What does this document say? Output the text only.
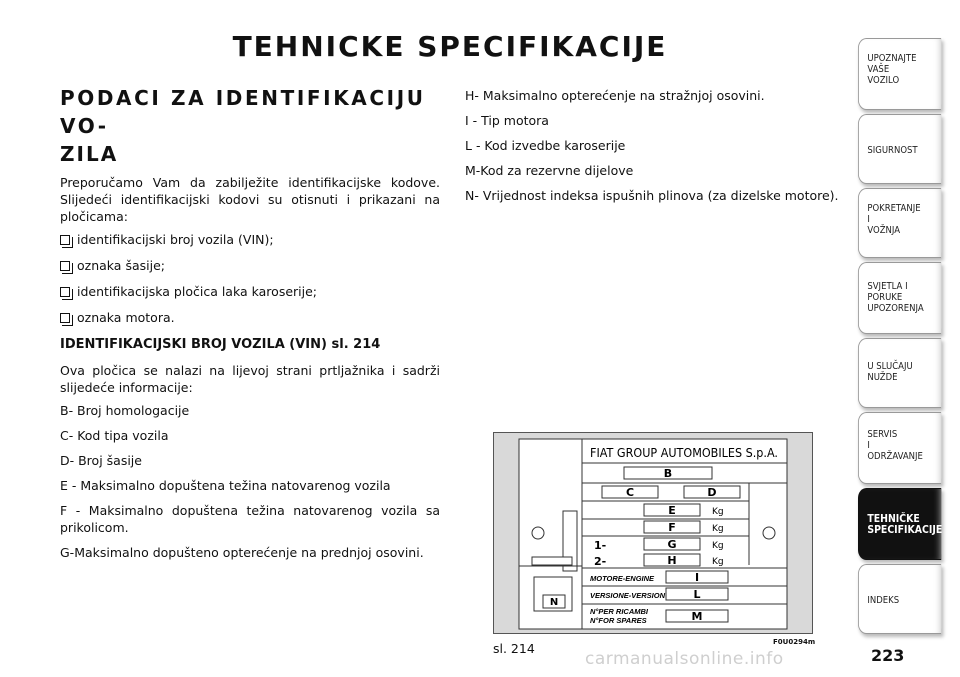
TEHNICKE SPECIFIKACIJE
PODACI ZA IDENTIFIKACIJU VO-
ZILA

Preporučamo Vam da zabilježite identifikacijske kodove. Slijedeći identifikacijski kodovi su otisnuti i prikazani na pločicama:

identifikacijski broj vozila (VIN);
oznaka šasije;
identifikacijska pločica laka karoserije;
oznaka motora.
IDENTIFIKACIJSKI BROJ VOZILA (VIN) sl. 214

Ova pločica se nalazi na lijevoj strani prtljažnika i sadrži slijedeće informacije:

B- Broj homologacije
C- Kod tipa vozila
D- Broj šasije
E - Maksimalno dopuštena težina natovarenog vozila
F - Maksimalno dopuštena težina natovarenog vozila sa prikolicom.
G-Maksimalno dopušteno opterećenje na prednjoj osovini.
H- Maksimalno opterećenje na stražnjoj osovini.
I - Tip motora
L - Kod izvedbe karoserije
M-Kod za rezervne dijelove
N- Vrijednost indeksa ispušnih plinova (za dizelske motore).
N
FIAT GROUP AUTOMOBILES S.p.A.
B
C	D
E	Kg
F	Kg
1-	G	Kg
2-	H	Kg
MOTORE-ENGINE	I
VERSIONE-VERSION	L
N°PER RICAMBI
N°FOR SPARES	M
sl. 214	F0U0294m
UPOZNAJTE
VAŠE
VOZILO
SIGURNOST
POKRETANJE
I
VOŽNJA
SVJETLA I
PORUKE
UPOZORENJA
U SLUČAJU
NUŽDE
SERVIS
I
ODRŽAVANJE
TEHNIČKE
SPECIFIKACIJE
INDEKS
carmanualsonline.info	223
